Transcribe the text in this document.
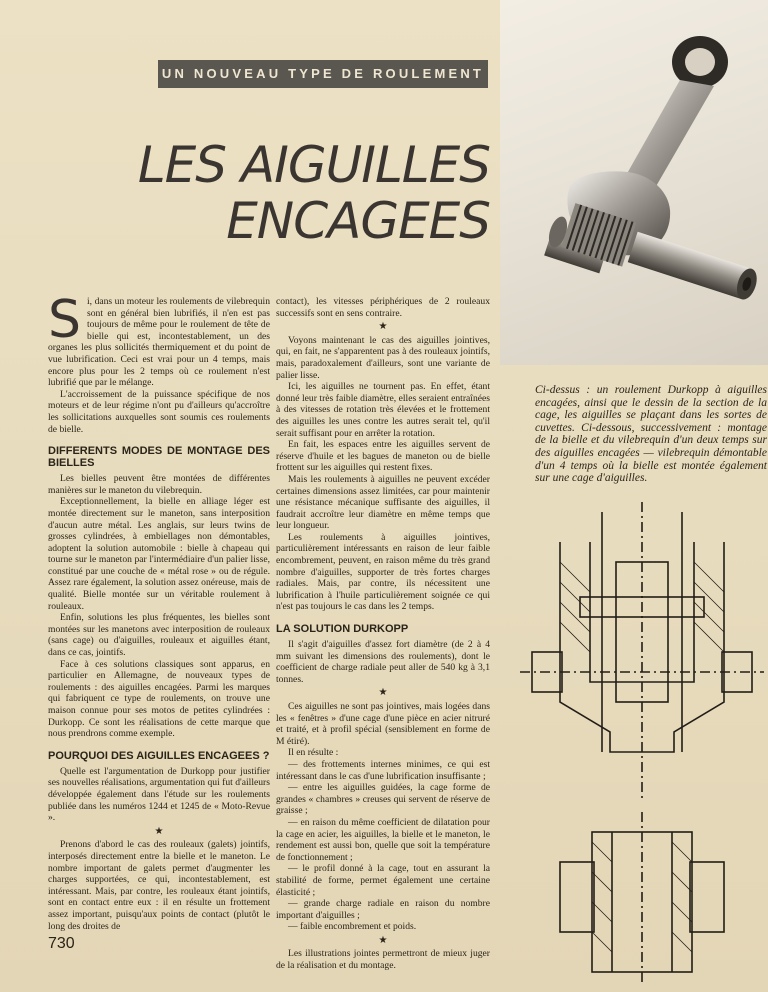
UN NOUVEAU TYPE DE ROULEMENT
LES AIGUILLES
ENCAGEES
Ci-dessus : un roulement Durkopp à aiguilles encagées, ainsi que le dessin de la section de la cage, les aiguilles se plaçant dans les sortes de cuvettes. Ci-dessous, successivement : montage de la bielle et du vilebrequin d'un deux temps sur des aiguilles encagées — vilebrequin démontable d'un 4 temps où la bielle est montée également sur une cage d'aiguilles.
S i, dans un moteur les roulements de vilebrequin sont en général bien lubrifiés, il n'en est pas toujours de même pour le roulement de tête de bielle qui est, incontestablement, un des organes les plus sollicités thermiquement et du point de vue lubrification. Ceci est vrai pour un 4 temps, mais encore plus pour les 2 temps où ce roulement n'est lubrifié que par le mélange.

L'accroissement de la puissance spécifique de nos moteurs et de leur régime n'ont pu d'ailleurs qu'accroître les sollicitations auxquelles sont soumis ces roulements de bielle.

DIFFERENTS MODES DE MONTAGE DES BIELLES

Les bielles peuvent être montées de différentes manières sur le maneton du vilebrequin.

Exceptionnellement, la bielle en alliage léger est montée directement sur le maneton, sans interposition d'aucun autre métal. Les anglais, sur leurs twins de grosses cylindrées, à embiellages non démontables, adoptent la solution automobile : bielle à chapeau qui tourne sur le maneton par l'intermédiaire d'un palier lisse, constitué par une couche de « métal rose » ou de régule. Assez rare également, la solution assez onéreuse, mais de qualité. Bielle montée sur un véritable roulement à rouleaux.

Enfin, solutions les plus fréquentes, les bielles sont montées sur les manetons avec interposition de rouleaux (sans cage) ou d'aiguilles, rouleaux et aiguilles étant, dans ce cas, jointifs.

Face à ces solutions classiques sont apparus, en particulier en Allemagne, de nouveaux types de roulements : des aiguilles encagées. Parmi les marques qui fabriquent ce type de roulements, on trouve une maison connue pour ses motos de petites cylindrées : Durkopp. Ce sont les réalisations de cette marque que nous prendrons comme exemple.

POURQUOI DES AIGUILLES ENCAGEES ?

Quelle est l'argumentation de Durkopp pour justifier ses nouvelles réalisations, argumentation qui fut d'ailleurs développée également dans l'étude sur les roulements publiée dans les numéros 1244 et 1245 de « Moto-Revue ».

★

Prenons d'abord le cas des rouleaux (galets) jointifs, interposés directement entre la bielle et le maneton. Le nombre important de galets permet d'augmenter les charges supportées, ce qui, incontestablement, est intéressant. Mais, par contre, les rouleaux étant jointifs, sont en contact entre eux : il en résulte un frottement assez important, puisqu'aux points de contact (plutôt le long des droites de

contact), les vitesses périphériques de 2 rouleaux successifs sont en sens contraire.

★

Voyons maintenant le cas des aiguilles jointives, qui, en fait, ne s'apparentent pas à des rouleaux jointifs, mais, paradoxalement d'ailleurs, sont une variante de palier lisse.

Ici, les aiguilles ne tournent pas. En effet, étant donné leur très faible diamètre, elles seraient entraînées à des vitesses de rotation très élevées et le frottement des aiguilles les unes contre les autres serait tel, qu'il serait suffisant pour en arrêter la rotation.

En fait, les espaces entre les aiguilles servent de réserve d'huile et les bagues de maneton ou de bielle frottent sur les aiguilles qui restent fixes.

Mais les roulements à aiguilles ne peuvent excéder certaines dimensions assez limitées, car pour maintenir une résistance mécanique suffisante des aiguilles, il faudrait accroître leur diamètre en même temps que leur longueur.

Les roulements à aiguilles jointives, particulièrement intéressants en raison de leur faible encombrement, peuvent, en raison même du très grand nombre d'aiguilles, supporter de très fortes charges radiales. Mais, par contre, ils nécessitent une lubrification à l'huile particulièrement soignée ce qui n'est pas toujours le cas dans les 2 temps.

LA SOLUTION DURKOPP

Il s'agit d'aiguilles d'assez fort diamètre (de 2 à 4 mm suivant les dimensions des roulements), dont le coefficient de charge radiale peut aller de 540 kg à 3,1 tonnes.

★

Ces aiguilles ne sont pas jointives, mais logées dans les « fenêtres » d'une cage d'une pièce en acier nitruré et traité, et à profil spécial (sensiblement en forme de M étiré).

Il en résulte :

— des frottements internes minimes, ce qui est intéressant dans le cas d'une lubrification insuffisante ;

— entre les aiguilles guidées, la cage forme de grandes « chambres » creuses qui servent de réserve de graisse ;

— en raison du même coefficient de dilatation pour la cage en acier, les aiguilles, la bielle et le maneton, le rendement est aussi bon, quelle que soit la température de fonctionnement ;

— le profil donné à la cage, tout en assurant la stabilité de forme, permet également une certaine élasticité ;

— grande charge radiale en raison du nombre important d'aiguilles ;

— faible encombrement et poids.

★

Les illustrations jointes permettront de mieux juger de la réalisation et du montage.

730
